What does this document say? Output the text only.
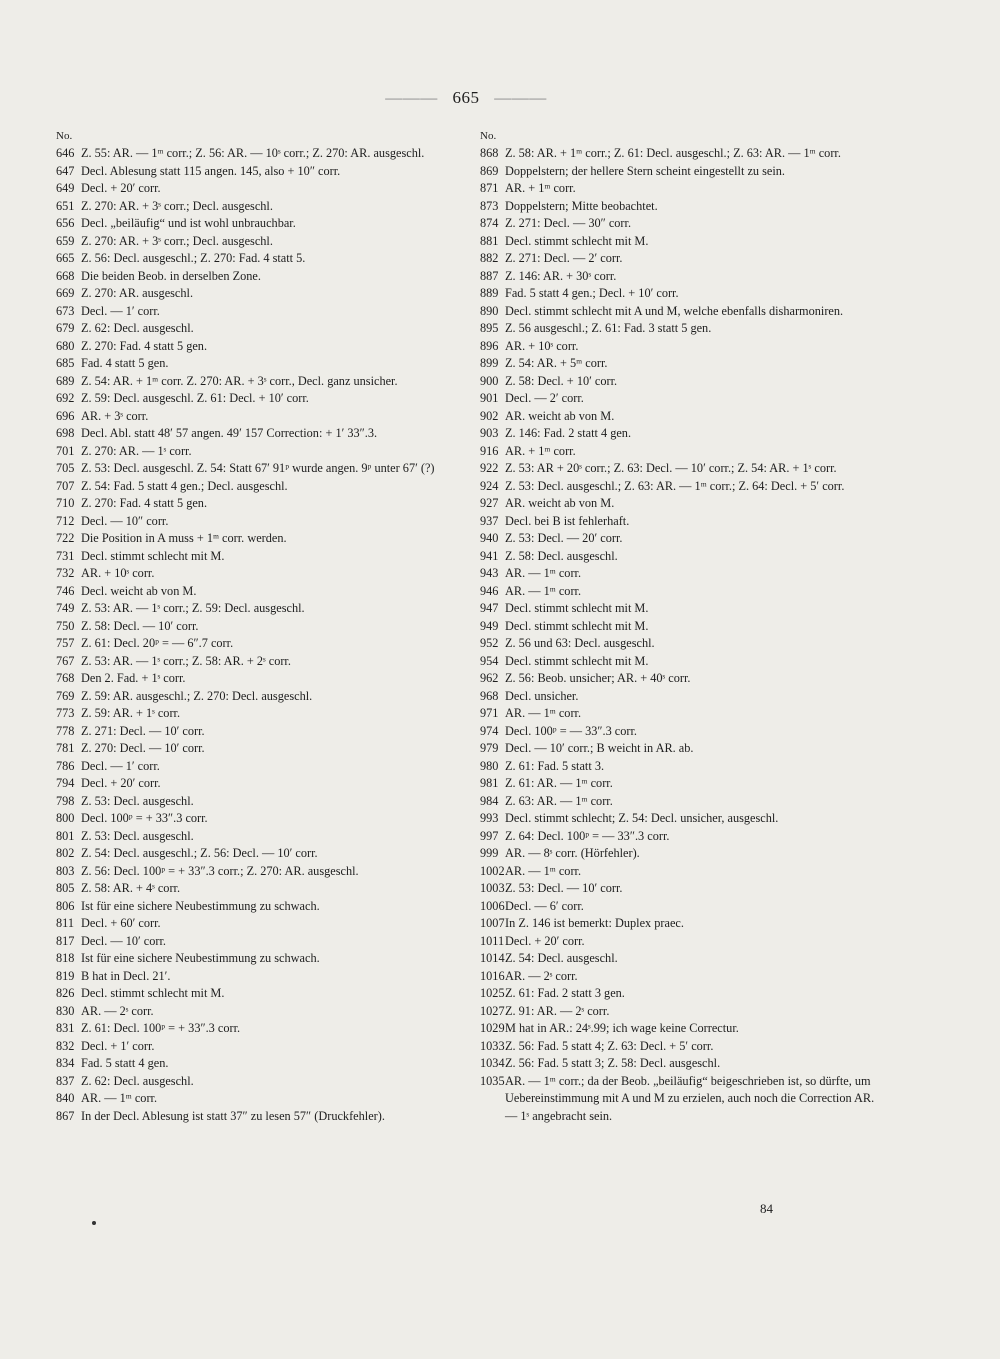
——— 665 ———
No.
646 Z. 55: AR. — 1ᵐ corr.; Z. 56: AR. — 10ˢ corr.; Z. 270: AR. ausgeschl.
647 Decl. Ablesung statt 115 angen. 145, also + 10″ corr.
649 Decl. + 20′ corr.
651 Z. 270: AR. + 3ˢ corr.; Decl. ausgeschl.
656 Decl. „beiläufig“ und ist wohl unbrauchbar.
659 Z. 270: AR. + 3ˢ corr.; Decl. ausgeschl.
665 Z. 56: Decl. ausgeschl.; Z. 270: Fad. 4 statt 5.
668 Die beiden Beob. in derselben Zone.
669 Z. 270: AR. ausgeschl.
673 Decl. — 1′ corr.
679 Z. 62: Decl. ausgeschl.
680 Z. 270: Fad. 4 statt 5 gen.
685 Fad. 4 statt 5 gen.
689 Z. 54: AR. + 1ᵐ corr. Z. 270: AR. + 3ˢ corr., Decl. ganz unsicher.
692 Z. 59: Decl. ausgeschl. Z. 61: Decl. + 10′ corr.
696 AR. + 3ˢ corr.
698 Decl. Abl. statt 48′ 57 angen. 49′ 157 Correction: + 1′ 33″.3.
701 Z. 270: AR. — 1ˢ corr.
705 Z. 53: Decl. ausgeschl. Z. 54: Statt 67′ 91ᵖ wurde angen. 9ᵖ unter 67′ (?)
707 Z. 54: Fad. 5 statt 4 gen.; Decl. ausgeschl.
710 Z. 270: Fad. 4 statt 5 gen.
712 Decl. — 10″ corr.
722 Die Position in A muss + 1ᵐ corr. werden.
731 Decl. stimmt schlecht mit M.
732 AR. + 10ˢ corr.
746 Decl. weicht ab von M.
749 Z. 53: AR. — 1ˢ corr.; Z. 59: Decl. ausgeschl.
750 Z. 58: Decl. — 10′ corr.
757 Z. 61: Decl. 20ᵖ = — 6″.7 corr.
767 Z. 53: AR. — 1ˢ corr.; Z. 58: AR. + 2ˢ corr.
768 Den 2. Fad. + 1ˢ corr.
769 Z. 59: AR. ausgeschl.; Z. 270: Decl. ausgeschl.
773 Z. 59: AR. + 1ˢ corr.
778 Z. 271: Decl. — 10′ corr.
781 Z. 270: Decl. — 10′ corr.
786 Decl. — 1′ corr.
794 Decl. + 20′ corr.
798 Z. 53: Decl. ausgeschl.
800 Decl. 100ᵖ = + 33″.3 corr.
801 Z. 53: Decl. ausgeschl.
802 Z. 54: Decl. ausgeschl.; Z. 56: Decl. — 10′ corr.
803 Z. 56: Decl. 100ᵖ = + 33″.3 corr.; Z. 270: AR. ausgeschl.
805 Z. 58: AR. + 4ˢ corr.
806 Ist für eine sichere Neubestimmung zu schwach.
811 Decl. + 60′ corr.
817 Decl. — 10′ corr.
818 Ist für eine sichere Neubestimmung zu schwach.
819 B hat in Decl. 21′.
826 Decl. stimmt schlecht mit M.
830 AR. — 2ˢ corr.
831 Z. 61: Decl. 100ᵖ = + 33″.3 corr.
832 Decl. + 1′ corr.
834 Fad. 5 statt 4 gen.
837 Z. 62: Decl. ausgeschl.
840 AR. — 1ᵐ corr.
867 In der Decl. Ablesung ist statt 37″ zu lesen 57″ (Druckfehler).
No.
868 Z. 58: AR. + 1ᵐ corr.; Z. 61: Decl. ausgeschl.; Z. 63: AR. — 1ᵐ corr.
869 Doppelstern; der hellere Stern scheint eingestellt zu sein.
871 AR. + 1ᵐ corr.
873 Doppelstern; Mitte beobachtet.
874 Z. 271: Decl. — 30″ corr.
881 Decl. stimmt schlecht mit M.
882 Z. 271: Decl. — 2′ corr.
887 Z. 146: AR. + 30ˢ corr.
889 Fad. 5 statt 4 gen.; Decl. + 10′ corr.
890 Decl. stimmt schlecht mit A und M, welche ebenfalls disharmoniren.
895 Z. 56 ausgeschl.; Z. 61: Fad. 3 statt 5 gen.
896 AR. + 10ˢ corr.
899 Z. 54: AR. + 5ᵐ corr.
900 Z. 58: Decl. + 10′ corr.
901 Decl. — 2′ corr.
902 AR. weicht ab von M.
903 Z. 146: Fad. 2 statt 4 gen.
916 AR. + 1ᵐ corr.
922 Z. 53: AR + 20ˢ corr.; Z. 63: Decl. — 10′ corr.; Z. 54: AR. + 1ˢ corr.
924 Z. 53: Decl. ausgeschl.; Z. 63: AR. — 1ᵐ corr.; Z. 64: Decl. + 5′ corr.
927 AR. weicht ab von M.
937 Decl. bei B ist fehlerhaft.
940 Z. 53: Decl. — 20′ corr.
941 Z. 58: Decl. ausgeschl.
943 AR. — 1ᵐ corr.
946 AR. — 1ᵐ corr.
947 Decl. stimmt schlecht mit M.
949 Decl. stimmt schlecht mit M.
952 Z. 56 und 63: Decl. ausgeschl.
954 Decl. stimmt schlecht mit M.
962 Z. 56: Beob. unsicher; AR. + 40ˢ corr.
968 Decl. unsicher.
971 AR. — 1ᵐ corr.
974 Decl. 100ᵖ = — 33″.3 corr.
979 Decl. — 10′ corr.; B weicht in AR. ab.
980 Z. 61: Fad. 5 statt 3.
981 Z. 61: AR. — 1ᵐ corr.
984 Z. 63: AR. — 1ᵐ corr.
993 Decl. stimmt schlecht; Z. 54: Decl. unsicher, ausgeschl.
997 Z. 64: Decl. 100ᵖ = — 33″.3 corr.
999 AR. — 8ˢ corr. (Hörfehler).
1002 AR. — 1ᵐ corr.
1003 Z. 53: Decl. — 10′ corr.
1006 Decl. — 6′ corr.
1007 In Z. 146 ist bemerkt: Duplex praec.
1011 Decl. + 20′ corr.
1014 Z. 54: Decl. ausgeschl.
1016 AR. — 2ˢ corr.
1025 Z. 61: Fad. 2 statt 3 gen.
1027 Z. 91: AR. — 2ˢ corr.
1029 M hat in AR.: 24ˢ.99; ich wage keine Correctur.
1033 Z. 56: Fad. 5 statt 4; Z. 63: Decl. + 5′ corr.
1034 Z. 56: Fad. 5 statt 3; Z. 58: Decl. ausgeschl.
1035 AR. — 1ᵐ corr.; da der Beob. „beiläufig“ beigeschrieben ist, so dürfte, um Uebereinstimmung mit A und M zu erzielen, auch noch die Correction AR. — 1ˢ angebracht sein.
84
